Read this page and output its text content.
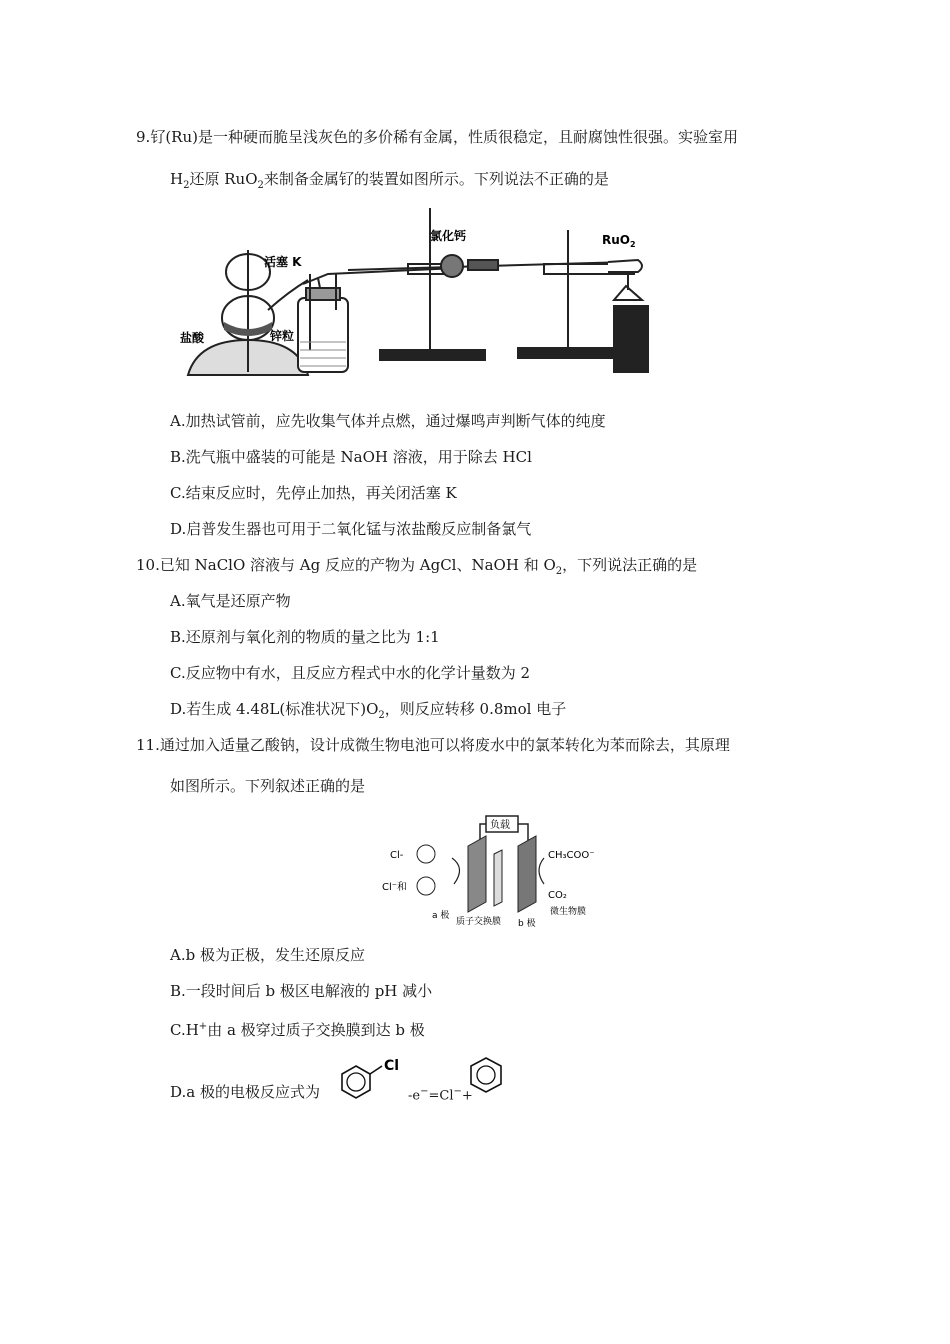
9.钌(Ru)是一种硬而脆呈浅灰色的多价稀有金属，性质很稳定，且耐腐蚀性很强。实验室用
$H_2$还原 RuO$_2$来制备金属钌的装置如图所示。下列说法不正确的是
盐酸	锌粒
活塞 K
氯化钙	RuO$_2$
A.加热试管前，应先收集气体并点燃，通过爆鸣声判断气体的纯度
B.洗气瓶中盛装的可能是 NaOH 溶液，用于除去 HCl
C.结束反应时，先停止加热，再关闭活塞 K
D.启普发生器也可用于二氧化锰与浓盐酸反应制备氯气
10.已知 NaClO 溶液与 Ag 反应的产物为 AgCl、NaOH 和 $O_2$，下列说法正确的是
A.氧气是还原产物
B.还原剂与氧化剂的物质的量之比为 1:1
C.反应物中有水，且反应方程式中水的化学计量数为 2
D.若生成 4.48L(标准状况下)$O_2$，则反应转移 0.8mol 电子
11.通过加入适量乙酸钠，设计成微生物电池可以将废水中的氯苯转化为苯而除去，其原理
如图所示。下列叙述正确的是
负载
Cl-
Cl⁻和
CH₃COO⁻
CO₂
微生物膜
a 极
质子交换膜 b 极
A.b 极为正极，发生还原反应
B.一段时间后 b 极区电解液的 pH 减小
C.H+由 a 极穿过质子交换膜到达 b 极
D.a 极的电极反应式为
Cl
-e−=Cl−+
